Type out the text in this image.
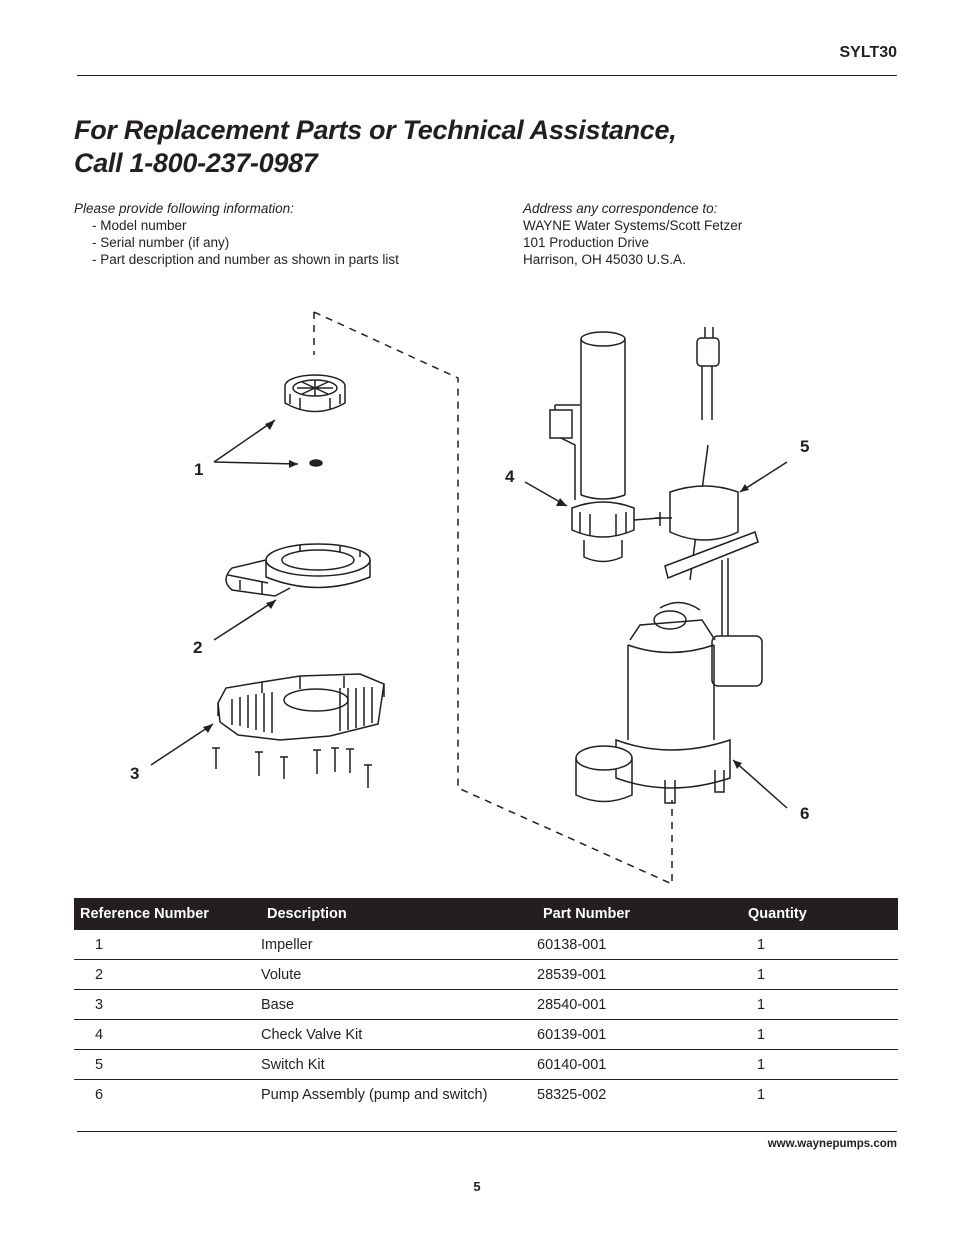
SYLT30
For Replacement Parts or Technical Assistance,
Call 1-800-237-0987
Please provide following information:
- Model number
- Serial number (if any)
- Part description and number as shown in parts list
Address any correspondence to:
WAYNE Water Systems/Scott Fetzer
101 Production Drive
Harrison, OH 45030 U.S.A.
1
2
3
4
5
6
Reference Number	Description	Part Number	Quantity
1	Impeller	60138-001	1
2	Volute	28539-001	1
3	Base	28540-001	1
4	Check Valve Kit	60139-001	1
5	Switch Kit	60140-001	1
6	Pump Assembly (pump and switch)	58325-002	1
www.waynepumps.com
5
